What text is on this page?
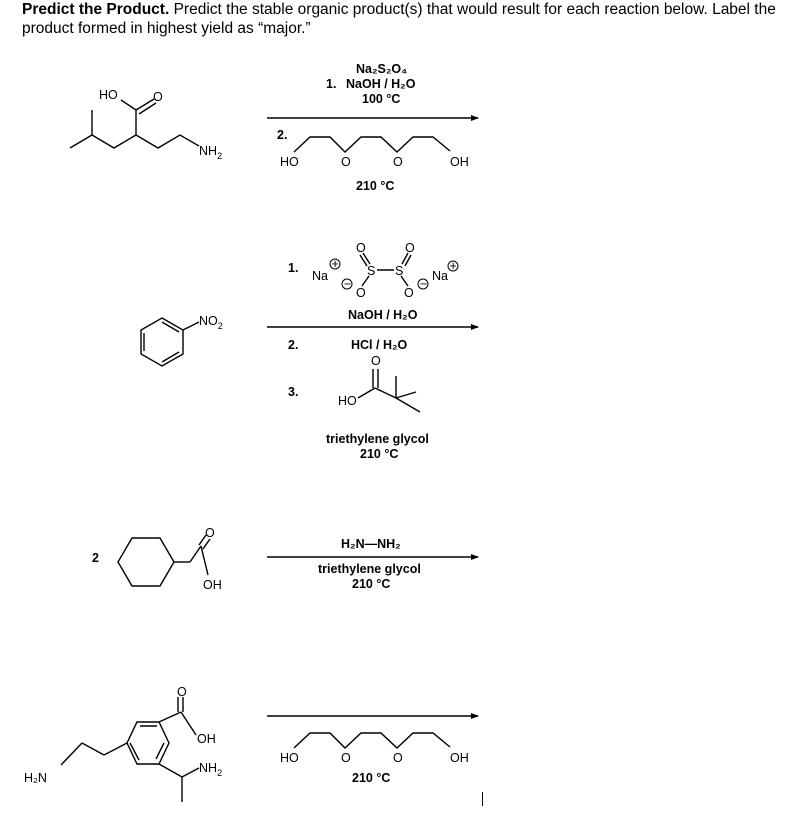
Predict the Product. Predict the stable organic product(s) that would result for each reaction below. Label the product formed in highest yield as “major.”
HO	O
$NH_2$
Na₂S₂O₄
1. NaOH / H₂O
100 °C
2.
HO	O	O	OH
210 °C
$NO_2$
1.
Na
+
−
O
S S
O	O
O
−
Na
+
NaOH / H₂O
2.	HCl / H₂O
3.
O
HO
triethylene glycol
210 °C
2
O
OH
H₂N—NH₂
triethylene glycol
210 °C
O
OH
$NH_2$
H₂N
HO	O	O	OH
210 °C
